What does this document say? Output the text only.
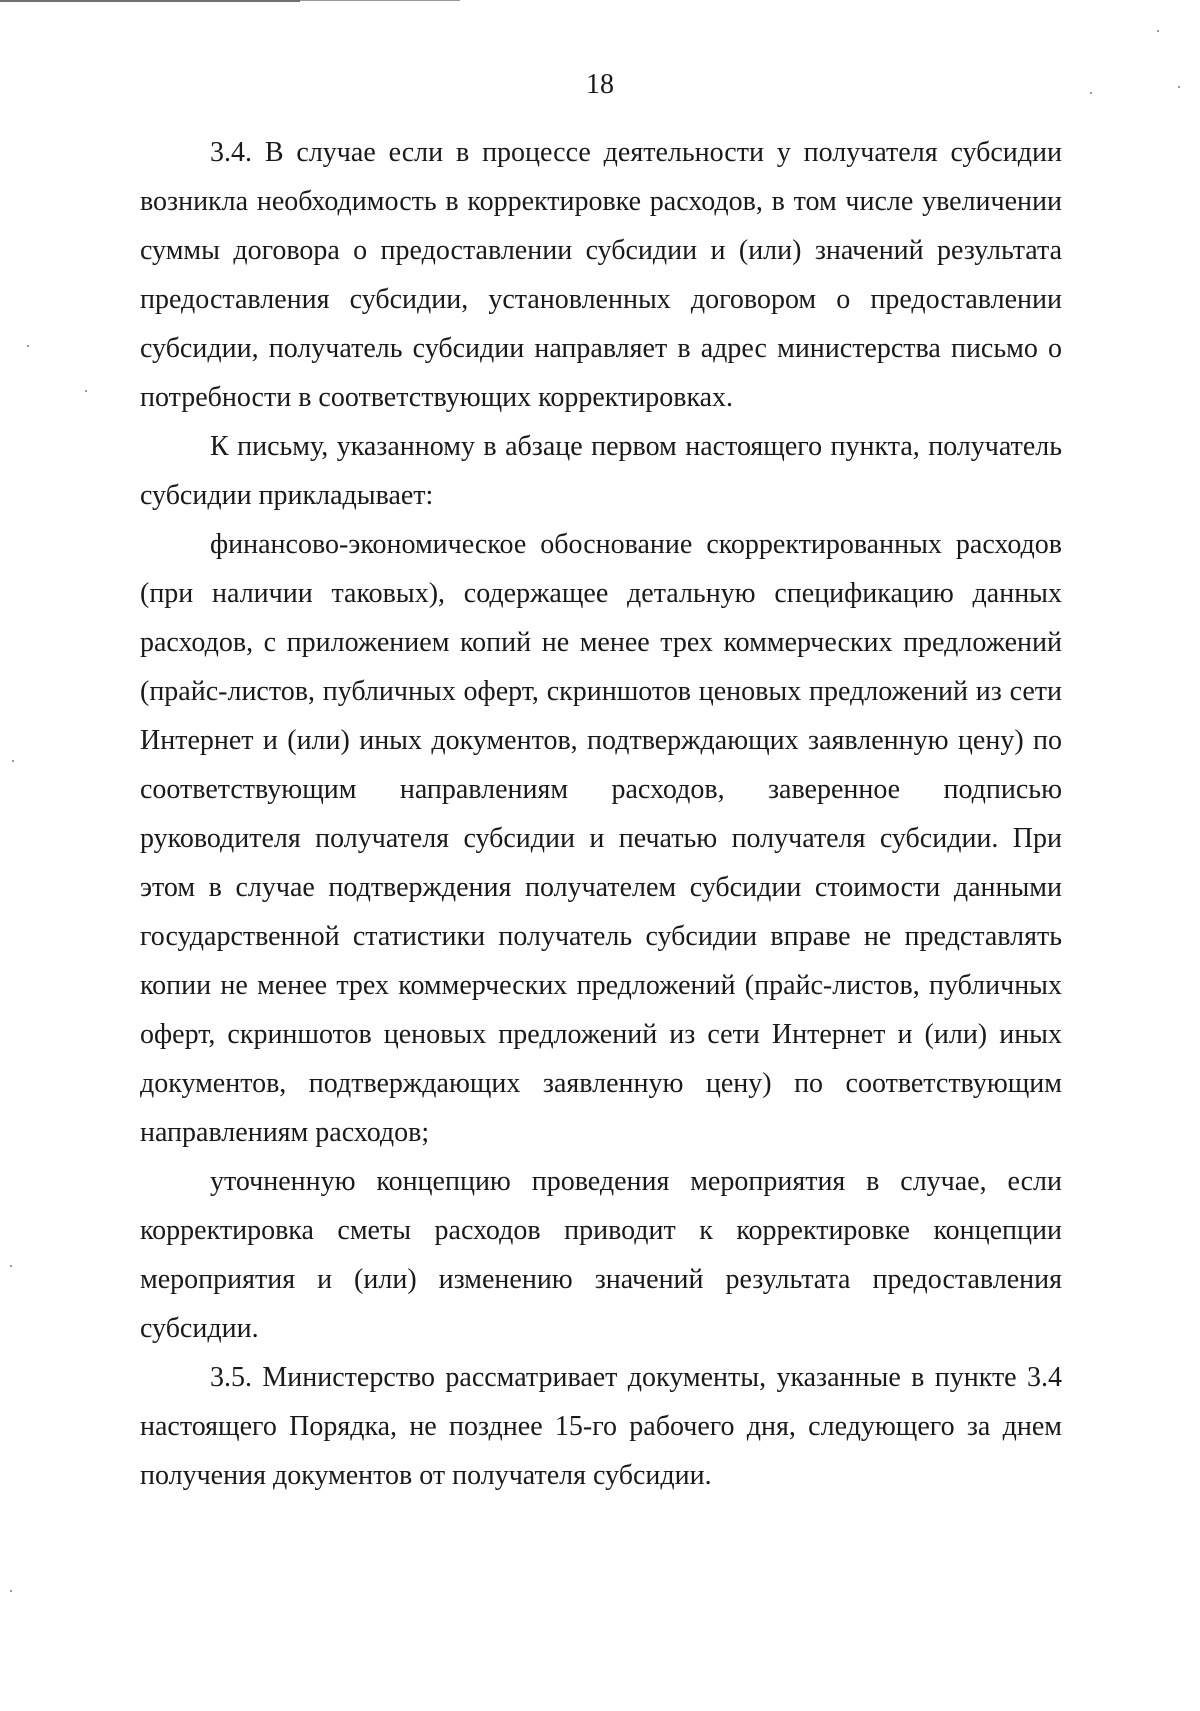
18

3.4. В случае если в процессе деятельности у получателя субсидии возникла необходимость в корректировке расходов, в том числе увеличении суммы договора о предоставлении субсидии и (или) значений результата предоставления субсидии, установленных договором о предоставлении субсидии, получатель субсидии направляет в адрес министерства письмо о потребности в соответствующих корректировках.

К письму, указанному в абзаце первом настоящего пункта, получатель субсидии прикладывает:

финансово-экономическое обоснование скорректированных расходов (при наличии таковых), содержащее детальную спецификацию данных расходов, с приложением копий не менее трех коммерческих предложений (прайс-листов, публичных оферт, скриншотов ценовых предложений из сети Интернет и (или) иных документов, подтверждающих заявленную цену) по соответствующим направлениям расходов, заверенное подписью руководителя получателя субсидии и печатью получателя субсидии. При этом в случае подтверждения получателем субсидии стоимости данными государственной статистики получатель субсидии вправе не представлять копии не менее трех коммерческих предложений (прайс-листов, публичных оферт, скриншотов ценовых предложений из сети Интернет и (или) иных документов, подтверждающих заявленную цену) по соответствующим направлениям расходов;

уточненную концепцию проведения мероприятия в случае, если корректировка сметы расходов приводит к корректировке концепции мероприятия и (или) изменению значений результата предоставления субсидии.

3.5. Министерство рассматривает документы, указанные в пункте 3.4 настоящего Порядка, не позднее 15-го рабочего дня, следующего за днем получения документов от получателя субсидии.
